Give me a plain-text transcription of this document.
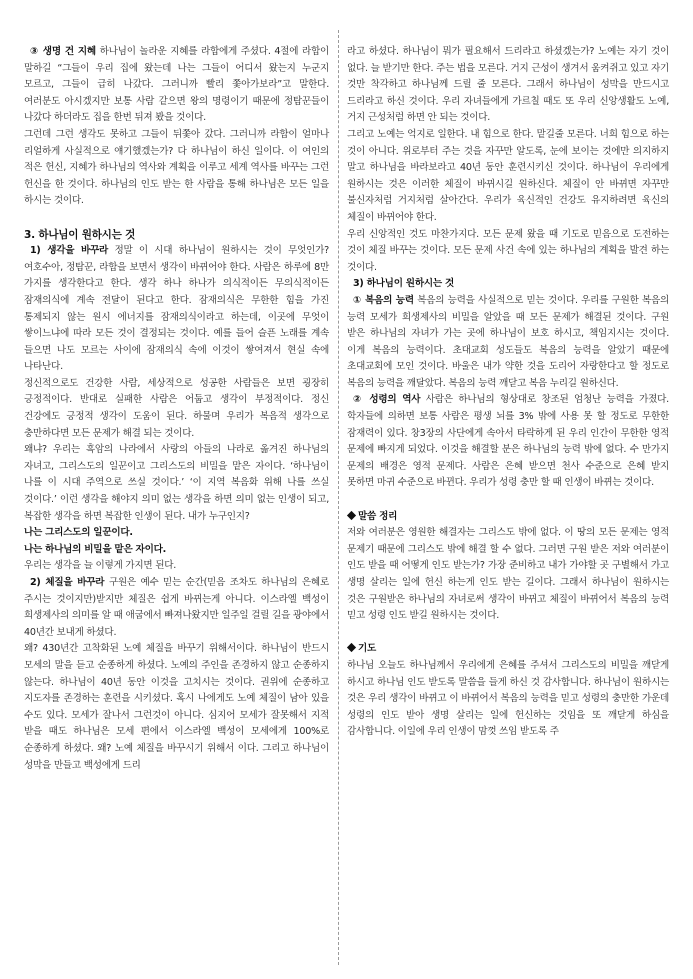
③ 생명 건 지혜 하나님이 놀라운 지혜를 라합에게 주셨다. 4절에 라합이 말하길 “그들이 우리 집에 왔는데 나는 그들이 어디서 왔는지 누군지 모르고, 그들이 급히 나갔다. 그러니까 빨리 쫓아가보라”고 말한다. 여러분도 아시겠지만 보통 사람 같으면 왕의 명령이기 때문에 정탐꾼들이 나갔다 하더라도 집을 한번 뒤져 봤을 것이다.

그런데 그런 생각도 못하고 그들이 뒤쫓아 갔다. 그러니까 라합이 얼마나 리얼하게 사실적으로 얘기했겠는가? 다 하나님이 하신 일이다. 이 여인의 적은 헌신, 지혜가 하나님의 역사와 계획을 이루고 세계 역사를 바꾸는 그런 헌신을 한 것이다. 하나님의 인도 받는 한 사람을 통해 하나님은 모든 일을 하시는 것이다.

3. 하나님이 원하시는 것

1) 생각을 바꾸라 정말 이 시대 하나님이 원하시는 것이 무엇인가? 여호수아, 정탐꾼, 라합을 보면서 생각이 바뀌어야 한다. 사람은 하루에 8만 가지를 생각한다고 한다. 생각 하나 하나가 의식적이든 무의식적이든 잠재의식에 계속 전달이 된다고 한다. 잠재의식은 무한한 힘을 가진 통제되지 않는 원시 에너지를 잠재의식이라고 하는데, 이곳에 무엇이 쌓이느냐에 따라 모든 것이 결정되는 것이다. 예를 들어 슬픈 노래를 계속 들으면 나도 모르는 사이에 잠재의식 속에 이것이 쌓여져서 현실 속에 나타난다.

정신적으로도 건강한 사람, 세상적으로 성공한 사람들은 보면 굉장히 긍정적이다. 반대로 실패한 사람은 어둡고 생각이 부정적이다. 정신 건강에도 긍정적 생각이 도움이 된다. 하물며 우리가 복음적 생각으로 충만하다면 모든 문제가 해결 되는 것이다.

왜냐? 우리는 흑암의 나라에서 사랑의 아들의 나라로 옮겨진 하나님의 자녀고, 그리스도의 일꾼이고 그리스도의 비밀을 맡은 자이다. ‘하나님이 나를 이 시대 주역으로 쓰실 것이다.’ ‘이 지역 복음화 위해 나를 쓰실 것이다.’ 이런 생각을 해야지 의미 없는 생각을 하면 의미 없는 인생이 되고, 복잡한 생각을 하면 복잡한 인생이 된다. 내가 누구인지?

나는 그리스도의 일꾼이다.

나는 하나님의 비밀을 맡은 자이다.

우리는 생각을 늘 이렇게 가지면 된다.

2) 체질을 바꾸라 구원은 예수 믿는 순간(믿음 조차도 하나님의 은혜로 주시는 것이지만)받지만 체질은 쉽게 바뀌는게 아니다. 이스라엘 백성이 희생제사의 의미를 알 때 애굽에서 빠져나왔지만 일주일 걸릴 길을 광야에서 40년간 보내게 하셨다.

왜? 430년간 고착화된 노예 체질을 바꾸기 위해서이다. 하나님이 반드시 모세의 말을 듣고 순종하게 하셨다. 노예의 주인을 존경하지 않고 순종하지 않는다. 하나님이 40년 동안 이것을 고치시는 것이다. 권위에 순종하고 지도자를 존경하는 훈련을 시키셨다. 혹시 나에게도 노예 체질이 남아 있을 수도 있다. 모세가 잘나서 그런것이 아니다. 심지어 모세가 잘못해서 지적 받을 때도 하나님은 모세 편에서 이스라엘 백성이 모세에게 100%로 순종하게 하셨다. 왜? 노예 체질을 바꾸시기 위해서 이다. 그리고 하나님이 성막을 만들고 백성에게 드리

라고 하셨다. 하나님이 뭐가 필요해서 드리라고 하셨겠는가? 노예는 자기 것이 없다. 늘 받기만 한다. 주는 법을 모른다. 거지 근성이 생겨서 움켜쥐고 있고 자기 것만 착각하고 하나님께 드릴 줄 모른다. 그래서 하나님이 성막을 만드시고 드리라고 하신 것이다. 우리 자녀들에게 가르칠 때도 또 우리 신앙생활도 노예, 거지 근성처럼 하면 안 되는 것이다.

그리고 노예는 억지로 일한다. 내 힘으로 한다. 맡길줄 모른다. 너희 힘으로 하는 것이 아니다. 위로부터 주는 것을 자꾸만 알도록, 눈에 보이는 것에만 의지하지 말고 하나님을 바라보라고 40년 동안 훈련시키신 것이다. 하나님이 우리에게 원하시는 것은 이러한 체질이 바뀌시길 원하신다. 체질이 안 바뀌면 자꾸만 불신자처럼 거지처럼 살아간다. 우리가 육신적인 건강도 유지하려면 육신의 체질이 바뀌어야 한다.

우리 신앙적인 것도 마찬가지다. 모든 문제 왔을 때 기도로 믿음으로 도전하는 것이 체질 바꾸는 것이다. 모든 문제 사건 속에 있는 하나님의 계획을 발견 하는 것이다.

3) 하나님이 원하시는 것

① 복음의 능력 복음의 능력을 사실적으로 믿는 것이다. 우리를 구원한 복음의 능력 모세가 희생제사의 비밀을 알았을 때 모든 문제가 해결된 것이다. 구원 받은 하나님의 자녀가 가는 곳에 하나님이 보호 하시고, 책임지시는 것이다. 이게 복음의 능력이다. 초대교회 성도들도 복음의 능력을 알았기 때문에 초대교회에 모인 것이다. 바울은 내가 약한 것을 도리어 자랑한다고 할 정도로 복음의 능력을 깨달았다. 복음의 능력 깨닫고 복음 누리길 원하신다.

② 성령의 역사 사람은 하나님의 형상대로 창조된 엄청난 능력을 가졌다. 학자들에 의하면 보통 사람은 평생 뇌를 3% 밖에 사용 못 할 정도로 무한한 잠재력이 있다. 창3장의 사단에게 속아서 타락하게 된 우리 인간이 무한한 영적 문제에 빠지게 되었다. 이것을 해결할 분은 하나님의 능력 밖에 없다. 수 만가지 문제의 배경은 영적 문제다. 사람은 은혜 받으면 천사 수준으로 은혜 받지 못하면 마귀 수준으로 바뀐다. 우리가 성령 충만 할 때 인생이 바뀌는 것이다.

말씀 정리

저와 여러분은 영원한 해결자는 그리스도 밖에 없다. 이 땅의 모든 문제는 영적 문제기 때문에 그리스도 밖에 해결 할 수 없다. 그러면 구원 받은 저와 여러분이 인도 받을 때 어떻게 인도 받는가? 가장 준비하고 내가 가야할 곳 구별해서 가고 생명 살리는 일에 헌신 하는게 인도 받는 길이다. 그래서 하나님이 원하시는 것은 구원받은 하나님의 자녀로써 생각이 바뀌고 체질이 바뀌어서 복음의 능력 믿고 성령 인도 받길 원하시는 것이다.

기도

하나님 오늘도 하나님께서 우리에게 은혜를 주셔서 그리스도의 비밀을 깨닫게 하시고 하나님 인도 받도록 말씀을 들게 하신 것 감사합니다. 하나님이 원하시는 것은 우리 생각이 바뀌고 이 바뀌어서 복음의 능력을 믿고 성령의 충만한 가운데 성령의 인도 받아 생명 살리는 일에 헌신하는 것임을 또 깨닫게 하심을 감사합니다. 이일에 우리 인생이 맘껏 쓰임 받도록 주
